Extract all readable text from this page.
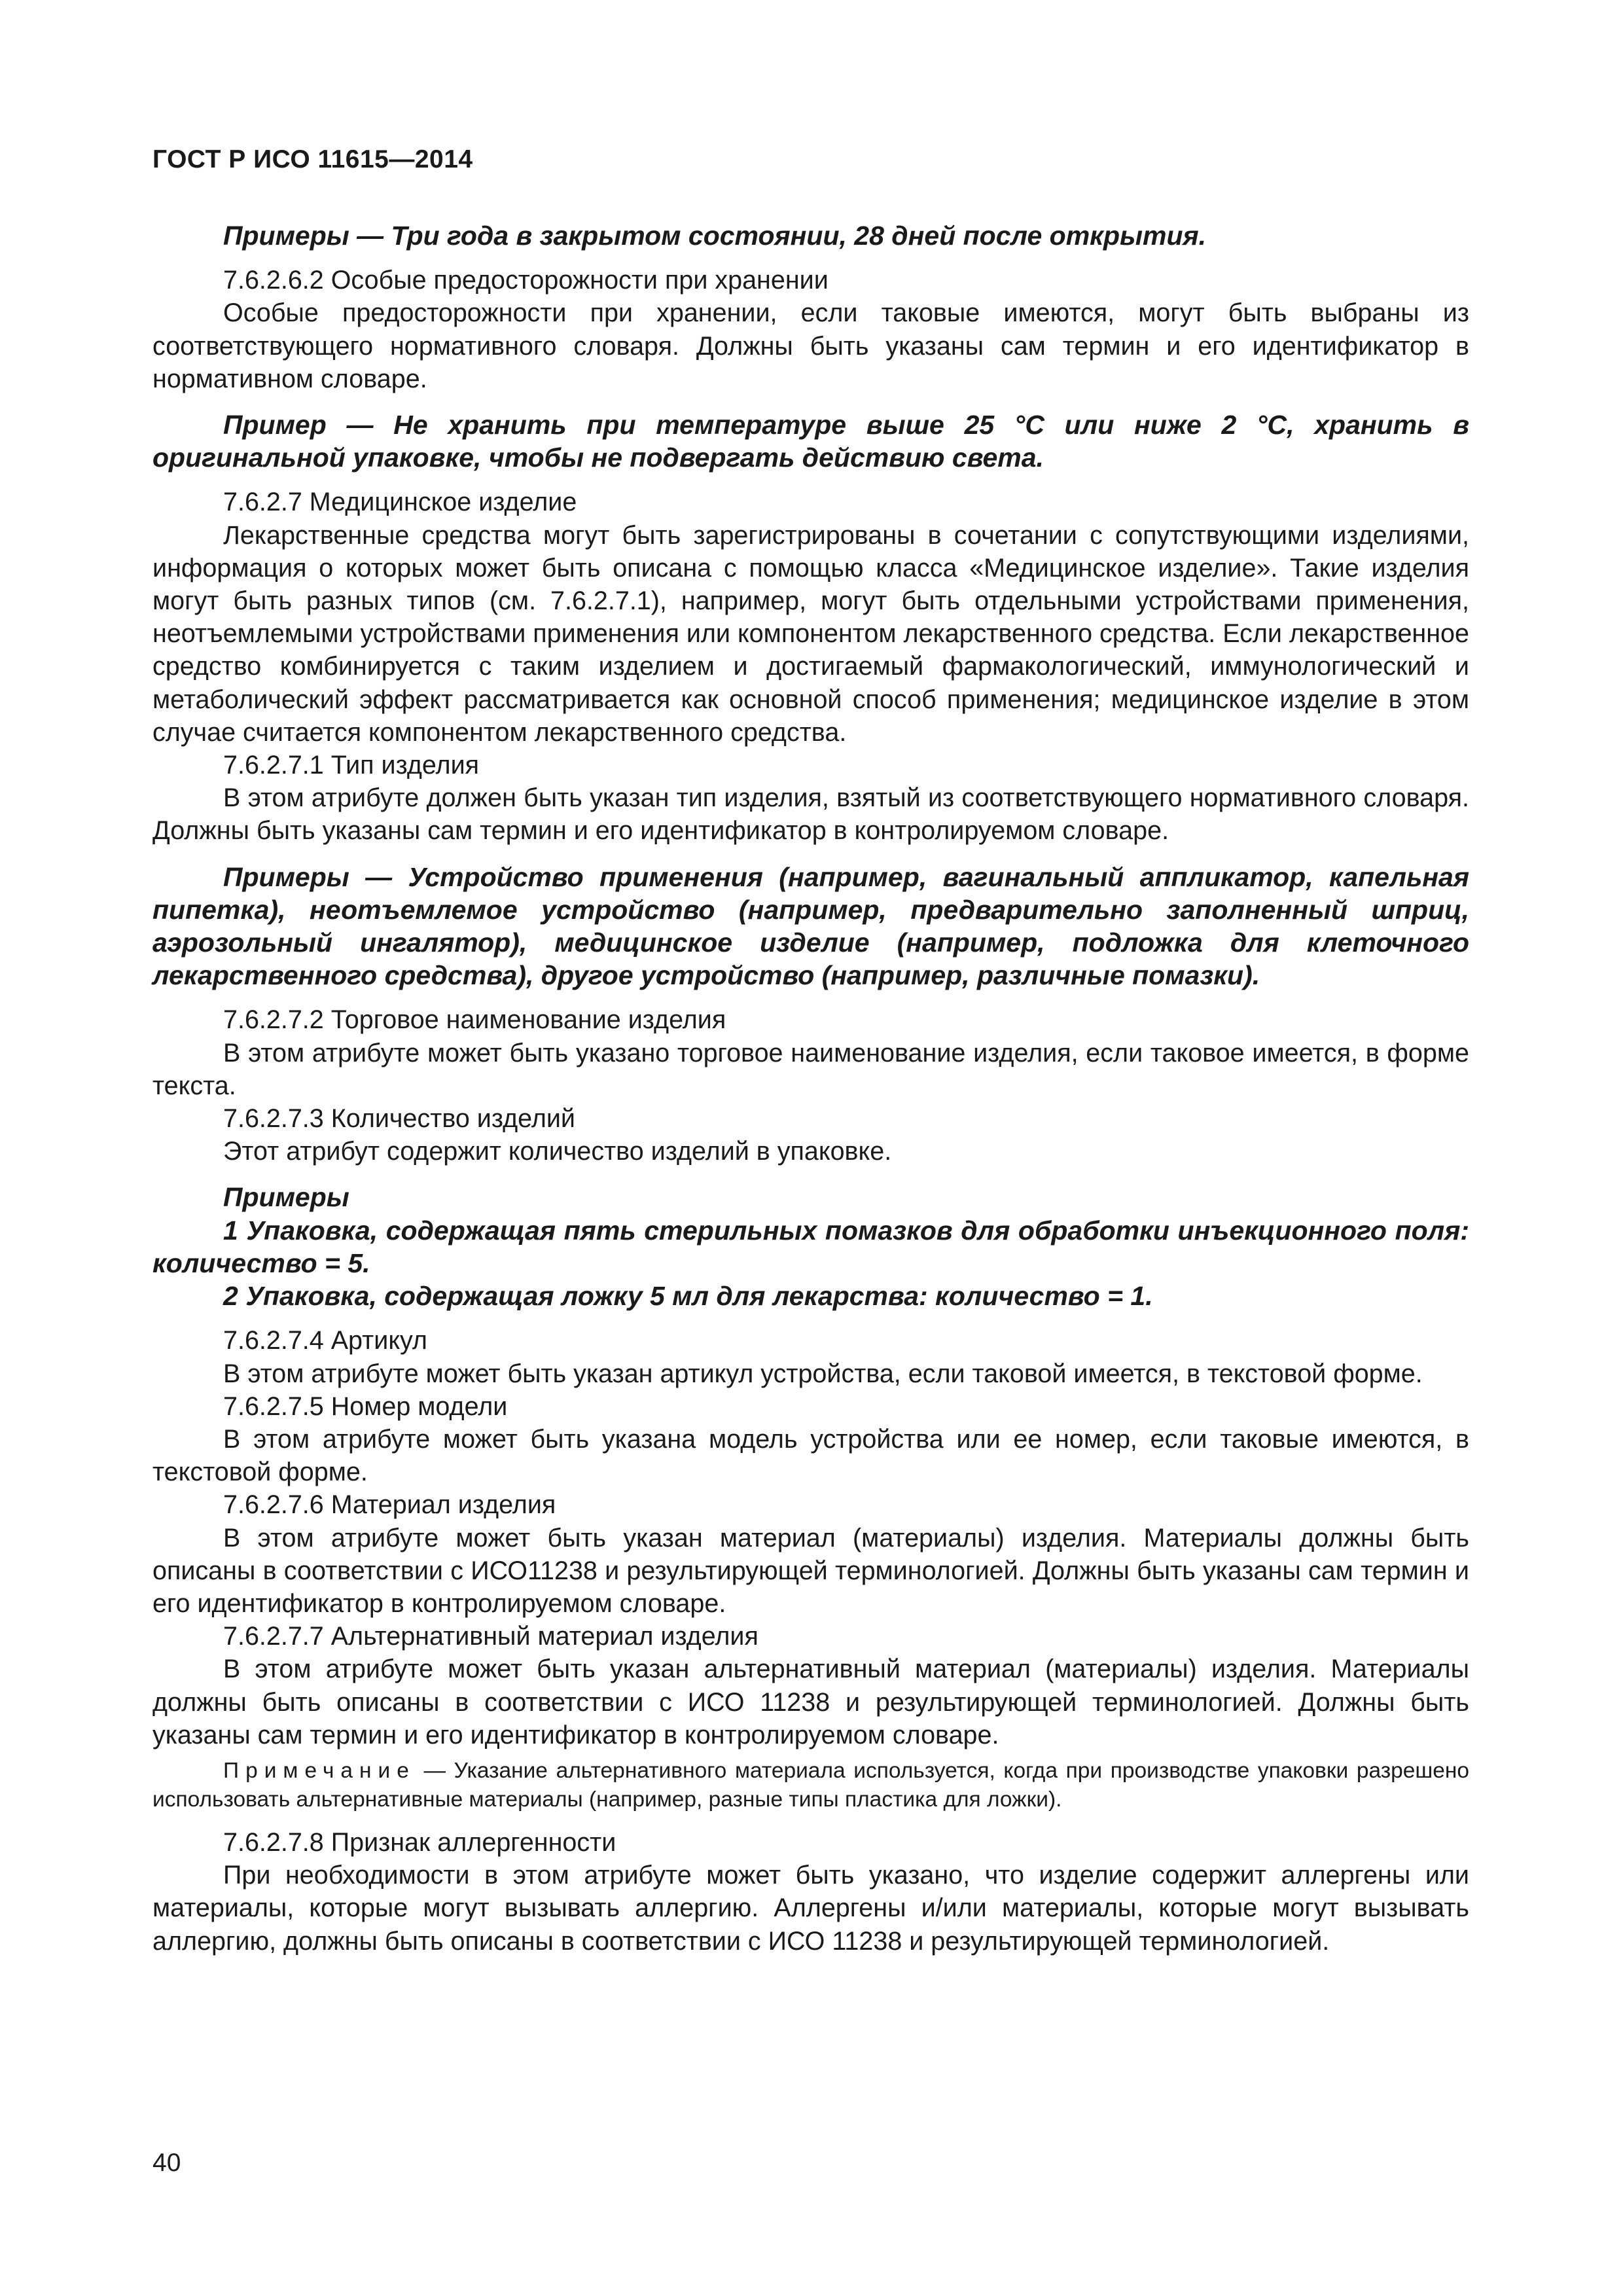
ГОСТ Р ИСО 11615—2014

Примеры — Три года в закрытом состоянии, 28 дней после открытия.

7.6.2.6.2 Особые предосторожности при хранении

Особые предосторожности при хранении, если таковые имеются, могут быть выбраны из соответствующего нормативного словаря. Должны быть указаны сам термин и его идентификатор в нормативном словаре.

Пример — Не хранить при температуре выше 25 °С или ниже 2 °С, хранить в оригинальной упаковке, чтобы не подвергать действию света.

7.6.2.7 Медицинское изделие

Лекарственные средства могут быть зарегистрированы в сочетании с сопутствующими изделиями, информация о которых может быть описана с помощью класса «Медицинское изделие». Такие изделия могут быть разных типов (см. 7.6.2.7.1), например, могут быть отдельными устройствами применения, неотъемлемыми устройствами применения или компонентом лекарственного средства. Если лекарственное средство комбинируется с таким изделием и достигаемый фармакологический, иммунологический и метаболический эффект рассматривается как основной способ применения; медицинское изделие в этом случае считается компонентом лекарственного средства.

7.6.2.7.1 Тип изделия

В этом атрибуте должен быть указан тип изделия, взятый из соответствующего нормативного словаря. Должны быть указаны сам термин и его идентификатор в контролируемом словаре.

Примеры — Устройство применения (например, вагинальный аппликатор, капельная пипетка), неотъемлемое устройство (например, предварительно заполненный шприц, аэрозольный ингалятор), медицинское изделие (например, подложка для клеточного лекарственного средства), другое устройство (например, различные помазки).

7.6.2.7.2 Торговое наименование изделия

В этом атрибуте может быть указано торговое наименование изделия, если таковое имеется, в форме текста.

7.6.2.7.3 Количество изделий

Этот атрибут содержит количество изделий в упаковке.

Примеры

1 Упаковка, содержащая пять стерильных помазков для обработки инъекционного поля: количество = 5.

2 Упаковка, содержащая ложку 5 мл для лекарства: количество = 1.

7.6.2.7.4 Артикул

В этом атрибуте может быть указан артикул устройства, если таковой имеется, в текстовой форме.

7.6.2.7.5 Номер модели

В этом атрибуте может быть указана модель устройства или ее номер, если таковые имеются, в текстовой форме.

7.6.2.7.6 Материал изделия

В этом атрибуте может быть указан материал (материалы) изделия. Материалы должны быть описаны в соответствии с ИСО11238 и результирующей терминологией. Должны быть указаны сам термин и его идентификатор в контролируемом словаре.

7.6.2.7.7 Альтернативный материал изделия

В этом атрибуте может быть указан альтернативный материал (материалы) изделия. Материалы должны быть описаны в соответствии с ИСО 11238 и результирующей терминологией. Должны быть указаны сам термин и его идентификатор в контролируемом словаре.

Примечание — Указание альтернативного материала используется, когда при производстве упаковки разрешено использовать альтернативные материалы (например, разные типы пластика для ложки).

7.6.2.7.8 Признак аллергенности

При необходимости в этом атрибуте может быть указано, что изделие содержит аллергены или материалы, которые могут вызывать аллергию. Аллергены и/или материалы, которые могут вызывать аллергию, должны быть описаны в соответствии с ИСО 11238 и результирующей терминологией.

40
